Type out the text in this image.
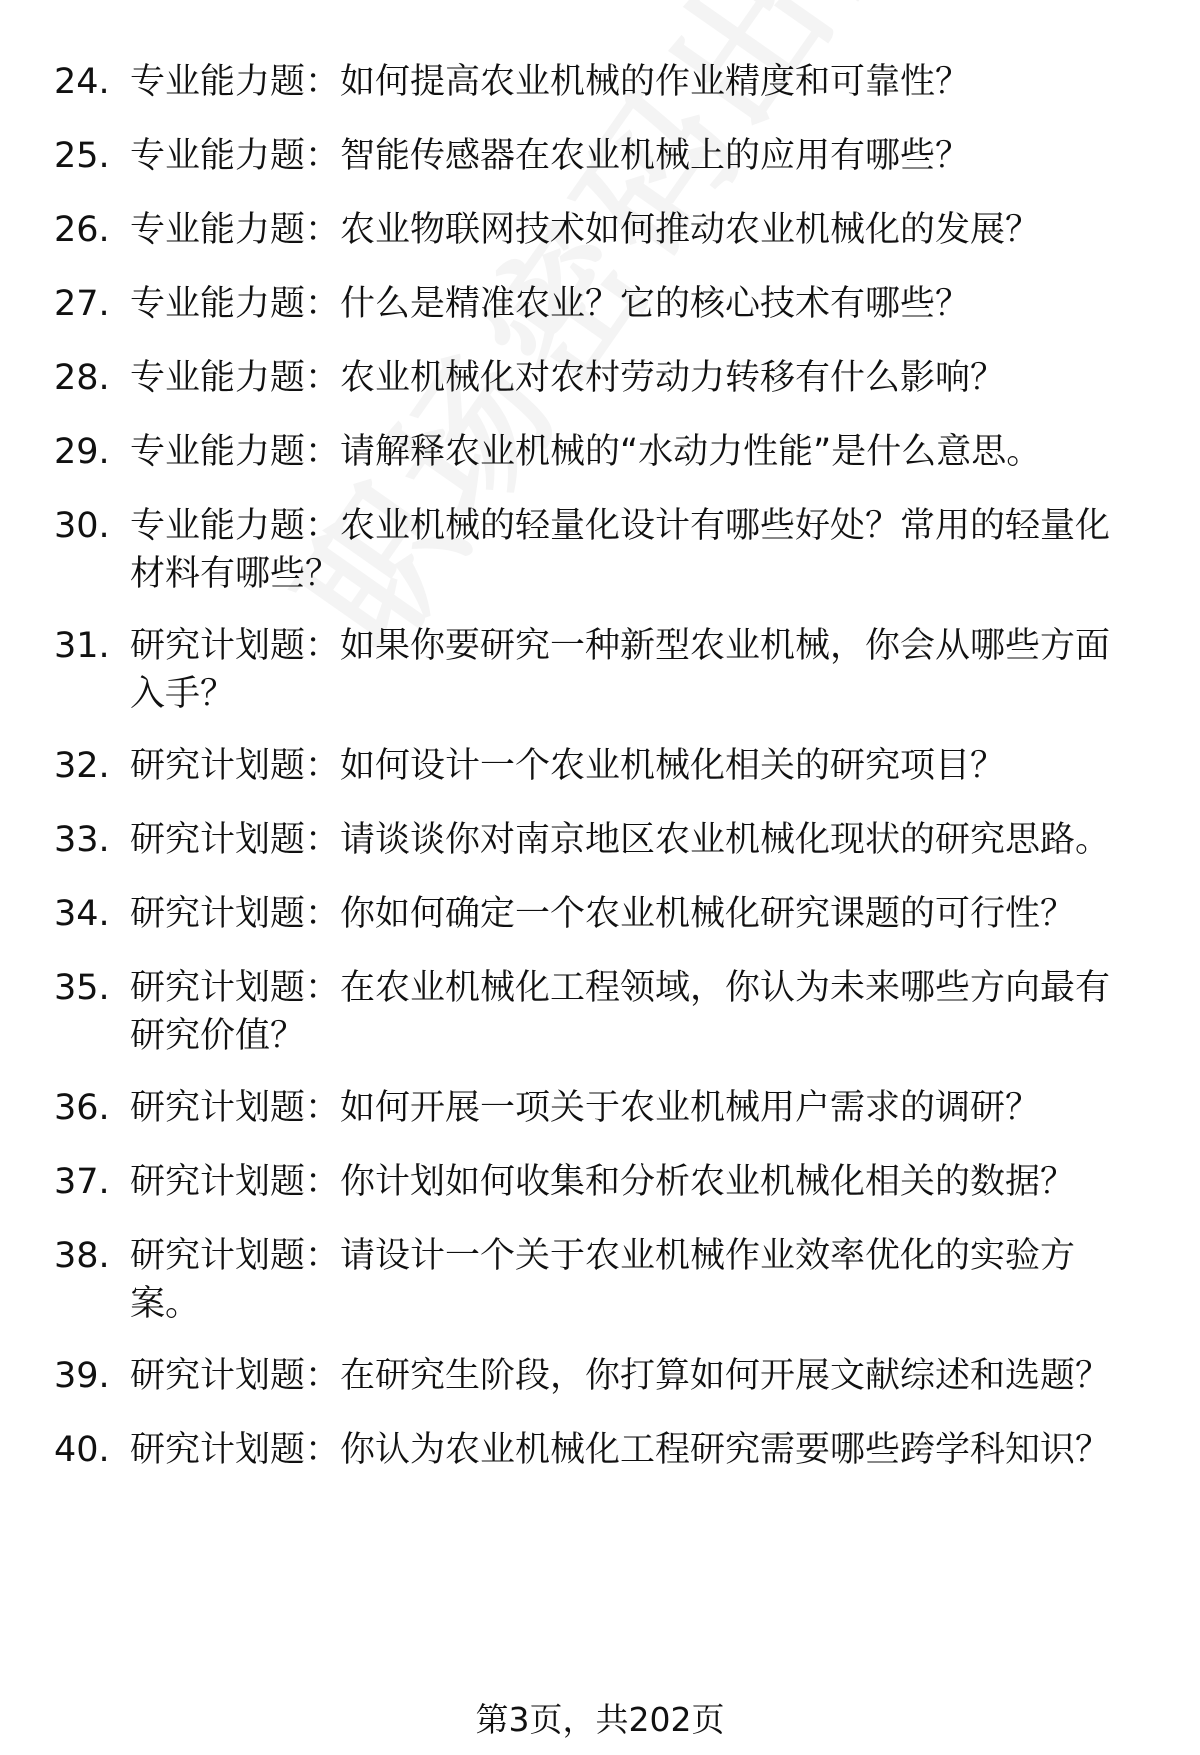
24. 专业能力题： 如何提高农业机械的作业精度和可靠性？
25. 专业能力题： 智能传感器在农业机械上的应用有哪些？
26. 专业能力题： 农业物联网技术如何推动农业机械化的发展？
27. 专业能力题： 什么是精准农业？它的核心技术有哪些？
28. 专业能力题： 农业机械化对农村劳动力转移有什么影响？
29. 专业能力题： 请解释农业机械的“水动力性能”是什么意思。
30. 专业能力题： 农业机械的轻量化设计有哪些好处？常用的轻量化材料有哪些？
31. 研究计划题： 如果你要研究一种新型农业机械，你会从哪些方面入手？
32. 研究计划题： 如何设计一个农业机械化相关的研究项目？
33. 研究计划题： 请谈谈你对南京地区农业机械化现状的研究思路。
34. 研究计划题： 你如何确定一个农业机械化研究课题的可行性？
35. 研究计划题： 在农业机械化工程领域，你认为未来哪些方向最有研究价值？
36. 研究计划题： 如何开展一项关于农业机械用户需求的调研？
37. 研究计划题： 你计划如何收集和分析农业机械化相关的数据？
38. 研究计划题： 请设计一个关于农业机械作业效率优化的实验方案。
39. 研究计划题： 在研究生阶段，你打算如何开展文献综述和选题？
40. 研究计划题： 你认为农业机械化工程研究需要哪些跨学科知识？
第3页，共202页
